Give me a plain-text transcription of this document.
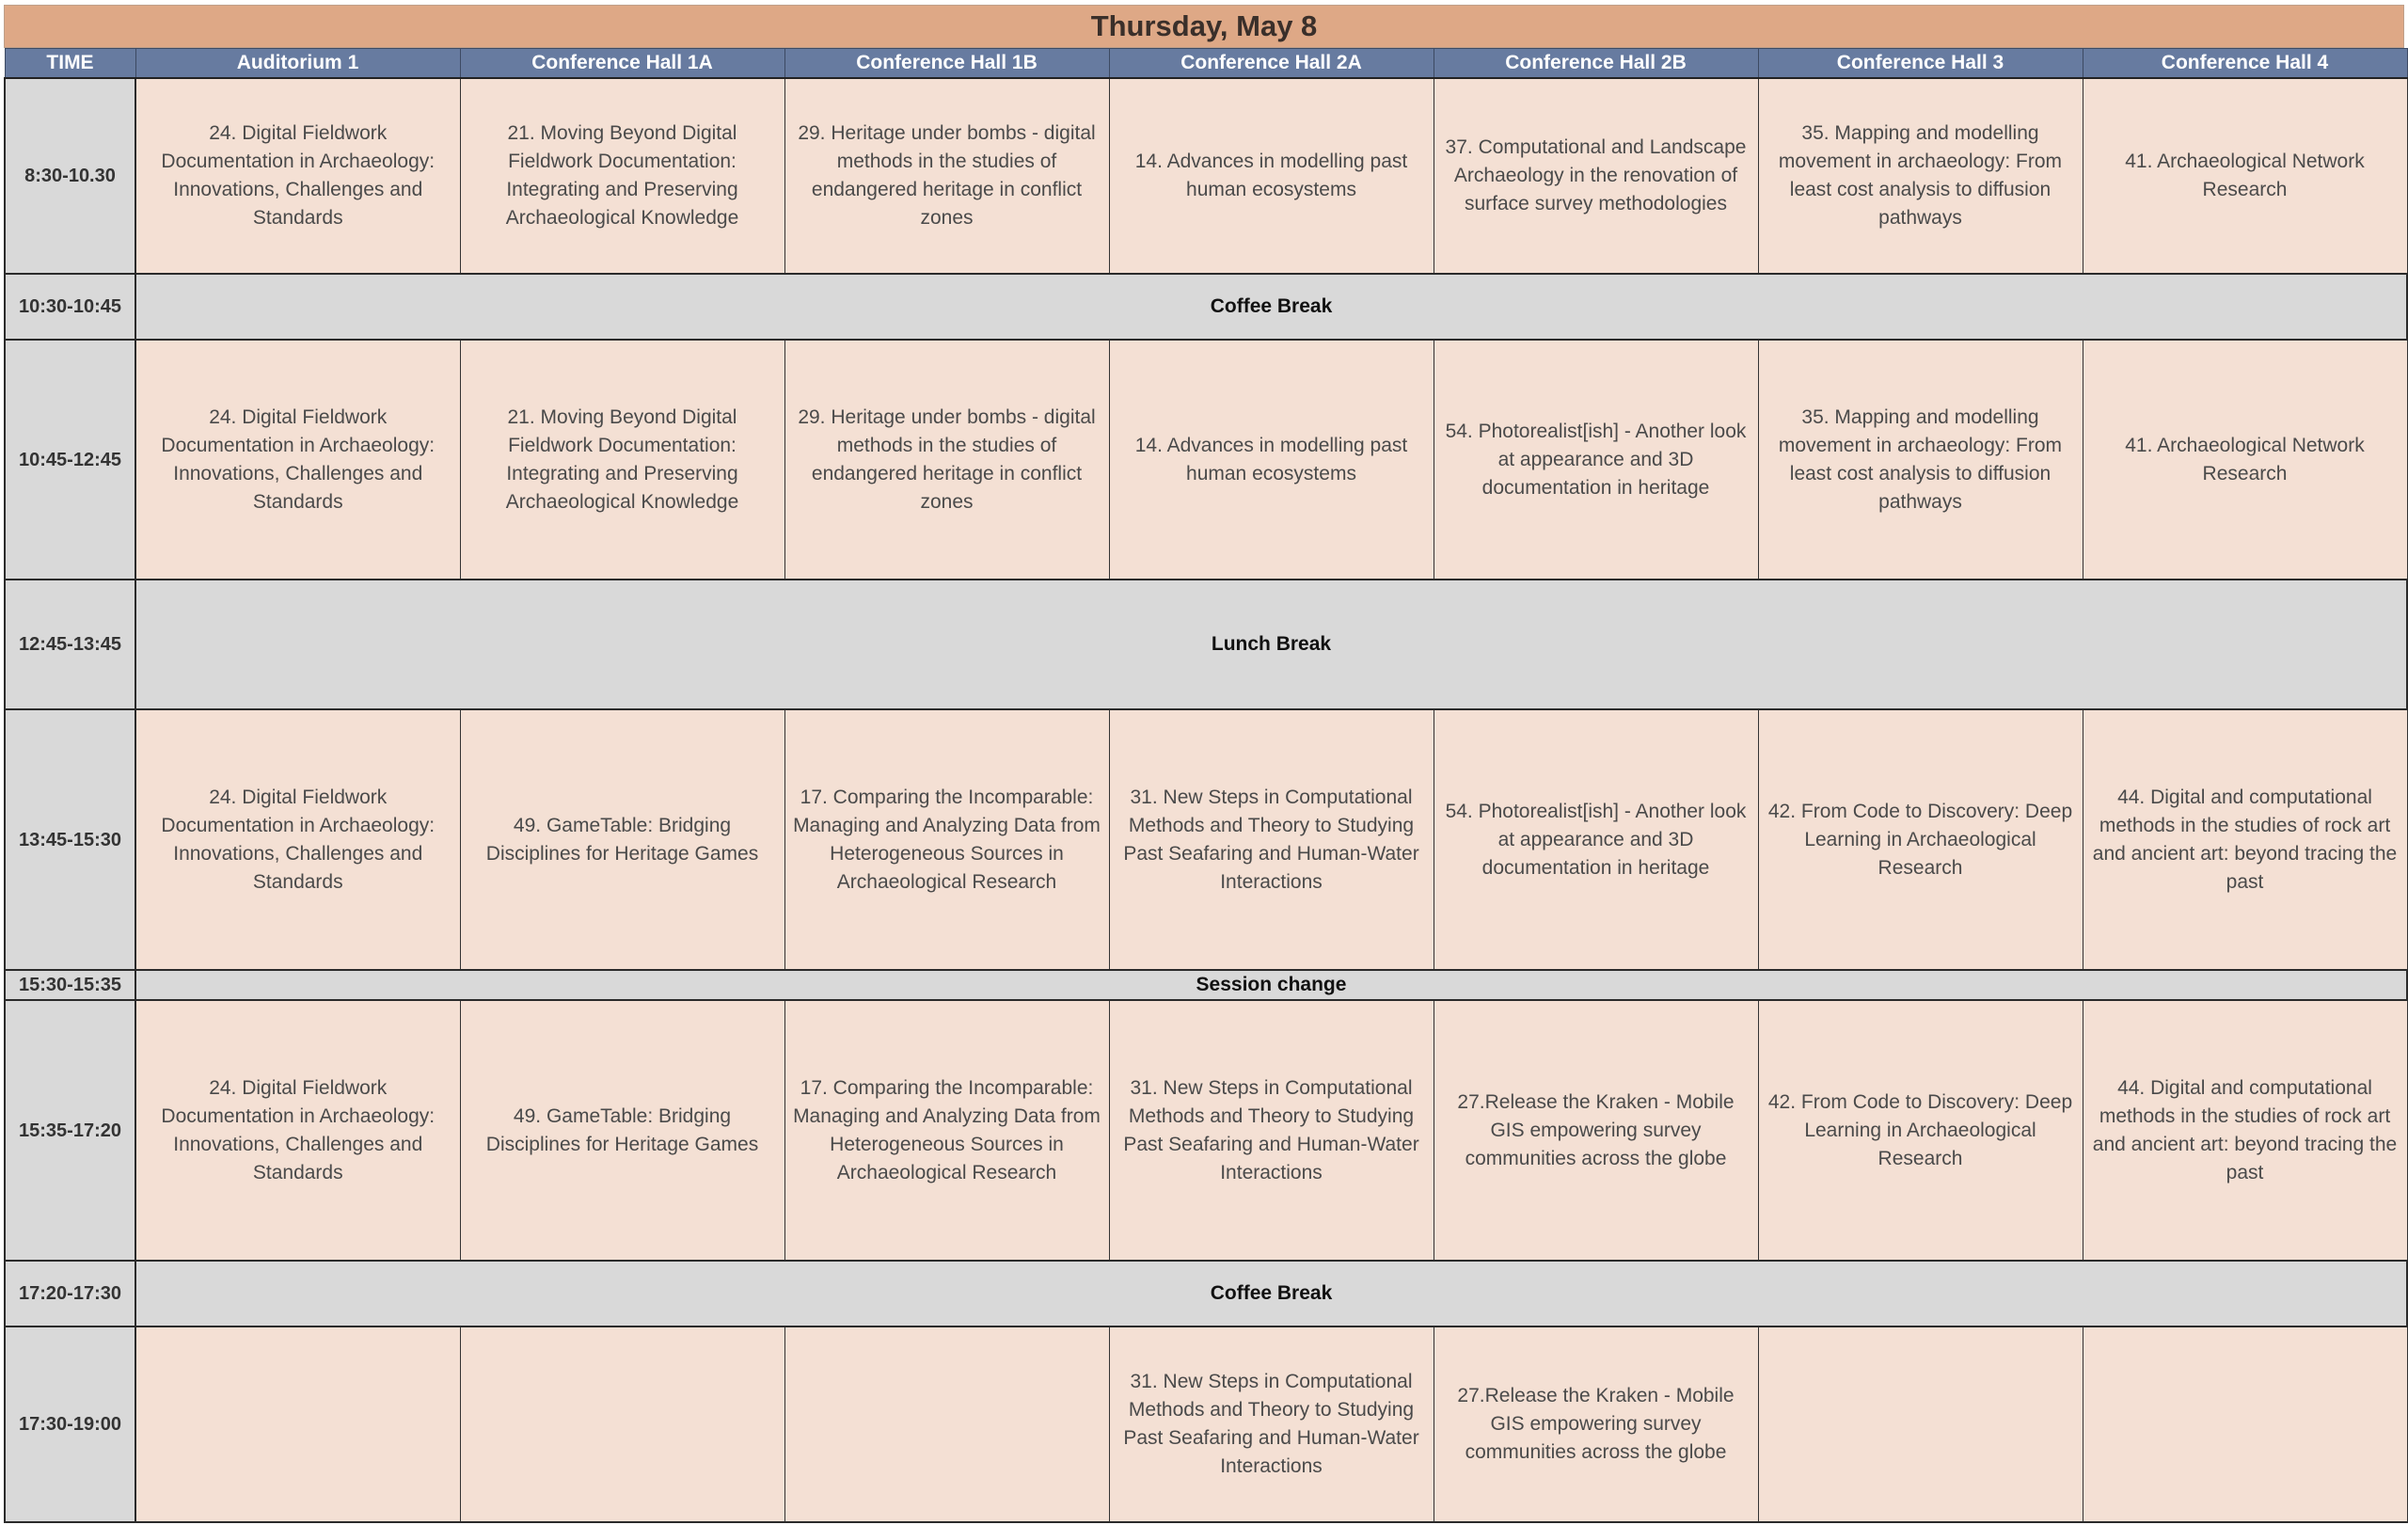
Thursday, May 8
TIME	Auditorium 1	Conference Hall 1A	Conference Hall 1B	Conference Hall 2A	Conference Hall 2B	Conference Hall 3	Conference Hall 4
8:30-10.30	24. Digital Fieldwork Documentation in Archaeology: Innovations, Challenges and Standards	21. Moving Beyond Digital Fieldwork Documentation: Integrating and Preserving Archaeological Knowledge	29. Heritage under bombs - digital methods in the studies of endangered heritage in conflict zones	14. Advances in modelling past human ecosystems	37. Computational and Landscape Archaeology in the renovation of surface survey methodologies	35. Mapping and modelling movement in archaeology: From least cost analysis to diffusion pathways	41. Archaeological Network Research
10:30-10:45	Coffee Break						
10:45-12:45	24. Digital Fieldwork Documentation in Archaeology: Innovations, Challenges and Standards	21. Moving Beyond Digital Fieldwork Documentation: Integrating and Preserving Archaeological Knowledge	29. Heritage under bombs - digital methods in the studies of endangered heritage in conflict zones	14. Advances in modelling past human ecosystems	54. Photorealist[ish] - Another look at appearance and 3D documentation in heritage	35. Mapping and modelling movement in archaeology: From least cost analysis to diffusion pathways	41. Archaeological Network Research
12:45-13:45	Lunch Break						
13:45-15:30	24. Digital Fieldwork Documentation in Archaeology: Innovations, Challenges and Standards	49. GameTable: Bridging Disciplines for Heritage Games	17. Comparing the Incomparable: Managing and Analyzing Data from Heterogeneous Sources in Archaeological Research	31. New Steps in Computational Methods and Theory to Studying Past Seafaring and Human-Water Interactions	54. Photorealist[ish] - Another look at appearance and 3D documentation in heritage	42. From Code to Discovery: Deep Learning in Archaeological Research	44. Digital and computational methods in the studies of rock art and ancient art: beyond tracing the past
15:30-15:35	Session change						
15:35-17:20	24. Digital Fieldwork Documentation in Archaeology: Innovations, Challenges and Standards	49. GameTable: Bridging Disciplines for Heritage Games	17. Comparing the Incomparable: Managing and Analyzing Data from Heterogeneous Sources in Archaeological Research	31. New Steps in Computational Methods and Theory to Studying Past Seafaring and Human-Water Interactions	27.Release the Kraken - Mobile GIS empowering survey communities across the globe	42. From Code to Discovery: Deep Learning in Archaeological Research	44. Digital and computational methods in the studies of rock art and ancient art: beyond tracing the past
17:20-17:30	Coffee Break						
17:30-19:00				31. New Steps in Computational Methods and Theory to Studying Past Seafaring and Human-Water Interactions	27.Release the Kraken - Mobile GIS empowering survey communities across the globe		
